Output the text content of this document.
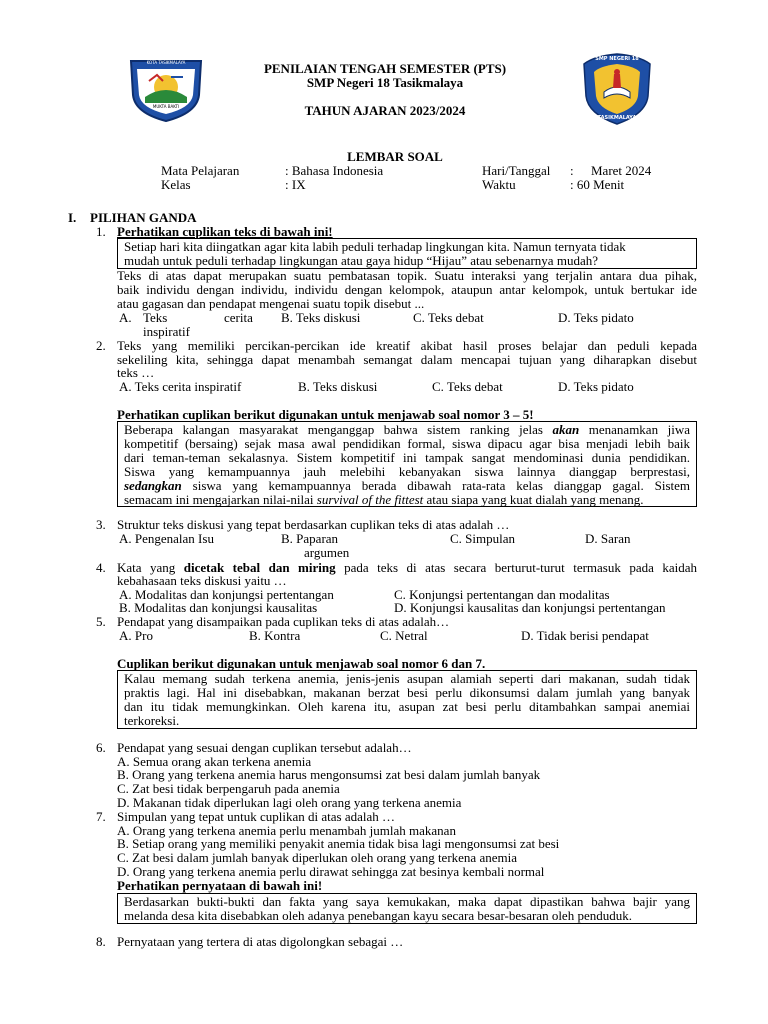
KOTA TASIKMALAYA
MUKTA BAKTI
PENILAIAN TENGAH SEMESTER (PTS)
SMP Negeri 18 Tasikmalaya
TAHUN AJARAN 2023/2024
SMP NEGERI 18
TASIKMALAYA
LEMBAR SOAL
Mata Pelajaran	: Bahasa Indonesia
Kelas	: IX
Hari/Tanggal : Maret 2024
Waktu	: 60 Menit
I. PILIHAN GANDA
1. Perhatikan cuplikan teks di bawah ini!
Setiap hari kita diingatkan agar kita labih peduli terhadap lingkungan kita. Namun ternyata tidak
mudah untuk peduli terhadap lingkungan atau gaya hidup “Hijau” atau sebenarnya mudah?
Teks di atas dapat merupakan suatu pembatasan topik. Suatu interaksi yang terjalin antara dua pihak,
baik individu dengan individu, individu dengan kelompok, ataupun antar kelompok, untuk bertukar ide
atau gagasan dan pendapat mengenai suatu topik disebut ...
A. Teks	cerita
inspiratif
B. Teks diskusi	C. Teks debat	D. Teks pidato
2. Teks yang memiliki percikan-percikan ide kreatif akibat hasil proses belajar dan peduli kepada
sekeliling kita, sehingga dapat menambah semangat dalam mencapai tujuan yang diharapkan disebut
teks …
A. Teks cerita inspiratif	B. Teks diskusi	C. Teks debat	D. Teks pidato
Perhatikan cuplikan berikut digunakan untuk menjawab soal nomor 3 – 5!
Beberapa kalangan masyarakat menganggap bahwa sistem ranking jelas akan menanamkan jiwa
kompetitif (bersaing) sejak masa awal pendidikan formal, siswa dipacu agar bisa menjadi lebih baik
dari teman-teman sekalasnya. Sistem kompetitif ini tampak sangat mendominasi dunia pendidikan.
Siswa yang kemampuannya jauh melebihi kebanyakan siswa lainnya dianggap berprestasi,
sedangkan siswa yang kemampuannya berada dibawah rata-rata kelas dianggap gagal. Sistem
semacam ini mengajarkan nilai-nilai survival of the fittest atau siapa yang kuat dialah yang menang.
3. Struktur teks diskusi yang tepat berdasarkan cuplikan teks di atas adalah …
A. Pengenalan Isu	B. Paparan
argumen
C. Simpulan	D. Saran
4. Kata yang dicetak tebal dan miring pada teks di atas secara berturut-turut termasuk pada kaidah
kebahasaan teks diskusi yaitu …
A. Modalitas dan konjungsi pertentangan
B. Modalitas dan konjungsi kausalitas
C. Konjungsi pertentangan dan modalitas
D. Konjungsi kausalitas dan konjungsi pertentangan
5. Pendapat yang disampaikan pada cuplikan teks di atas adalah…
A. Pro	B. Kontra	C. Netral	D. Tidak berisi pendapat
Cuplikan berikut digunakan untuk menjawab soal nomor 6 dan 7.
Kalau memang sudah terkena anemia, jenis-jenis asupan alamiah seperti dari makanan, sudah tidak
praktis lagi. Hal ini disebabkan, makanan berzat besi perlu dikonsumsi dalam jumlah yang banyak
dan itu tidak memungkinkan. Oleh karena itu, asupan zat besi perlu ditambahkan sampai anemiai
terkoreksi.
6. Pendapat yang sesuai dengan cuplikan tersebut adalah…
A. Semua orang akan terkena anemia
B. Orang yang terkena anemia harus mengonsumsi zat besi dalam jumlah banyak
C. Zat besi tidak berpengaruh pada anemia
D. Makanan tidak diperlukan lagi oleh orang yang terkena anemia
7. Simpulan yang tepat untuk cuplikan di atas adalah …
A. Orang yang terkena anemia perlu menambah jumlah makanan
B. Setiap orang yang memiliki penyakit anemia tidak bisa lagi mengonsumsi zat besi
C. Zat besi dalam jumlah banyak diperlukan oleh orang yang terkena anemia
D. Orang yang terkena anemia perlu dirawat sehingga zat besinya kembali normal
Perhatikan pernyataan di bawah ini!
Berdasarkan bukti-bukti dan fakta yang saya kemukakan, maka dapat dipastikan bahwa bajir yang
melanda desa kita disebabkan oleh adanya penebangan kayu secara besar-besaran oleh penduduk.
8. Pernyataan yang tertera di atas digolongkan sebagai …
